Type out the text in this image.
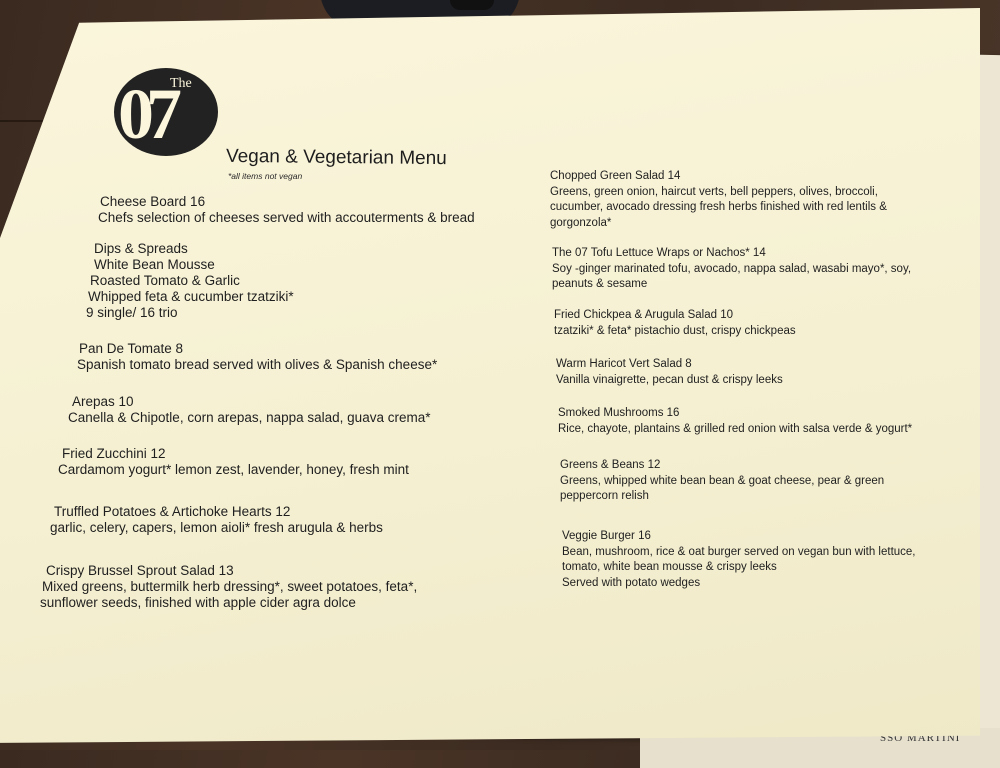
SSO MARTINI
07
The
Vegan & Vegetarian Menu
*all items not vegan
Cheese Board 16
Chefs selection of cheeses served with accouterments & bread
Dips & Spreads
White Bean Mousse
Roasted Tomato & Garlic
Whipped feta & cucumber tzatziki*
9 single/ 16 trio
Pan De Tomate 8
Spanish tomato bread served with olives & Spanish cheese*
Arepas 10
Canella & Chipotle, corn arepas, nappa salad, guava crema*
Fried Zucchini 12
Cardamom yogurt* lemon zest, lavender, honey, fresh mint
Truffled Potatoes & Artichoke Hearts 12
garlic, celery, capers, lemon aioli* fresh arugula & herbs
Crispy Brussel Sprout Salad 13
Mixed greens, buttermilk herb dressing*, sweet potatoes, feta*,
sunflower seeds, finished with apple cider agra dolce
Chopped Green Salad 14
Greens, green onion, haircut verts, bell peppers, olives, broccoli,
cucumber, avocado dressing fresh herbs finished with red lentils &
gorgonzola*
The 07 Tofu Lettuce Wraps or Nachos* 14
Soy -ginger marinated tofu, avocado, nappa salad, wasabi mayo*, soy,
peanuts & sesame
Fried Chickpea & Arugula Salad 10
tzatziki* & feta* pistachio dust, crispy chickpeas
Warm Haricot Vert Salad 8
Vanilla vinaigrette, pecan dust & crispy leeks
Smoked Mushrooms 16
Rice, chayote, plantains & grilled red onion with salsa verde & yogurt*
Greens & Beans 12
Greens, whipped white bean bean & goat cheese, pear & green
peppercorn relish
Veggie Burger 16
Bean, mushroom, rice & oat burger served on vegan bun with lettuce,
tomato, white bean mousse & crispy leeks
Served with potato wedges
